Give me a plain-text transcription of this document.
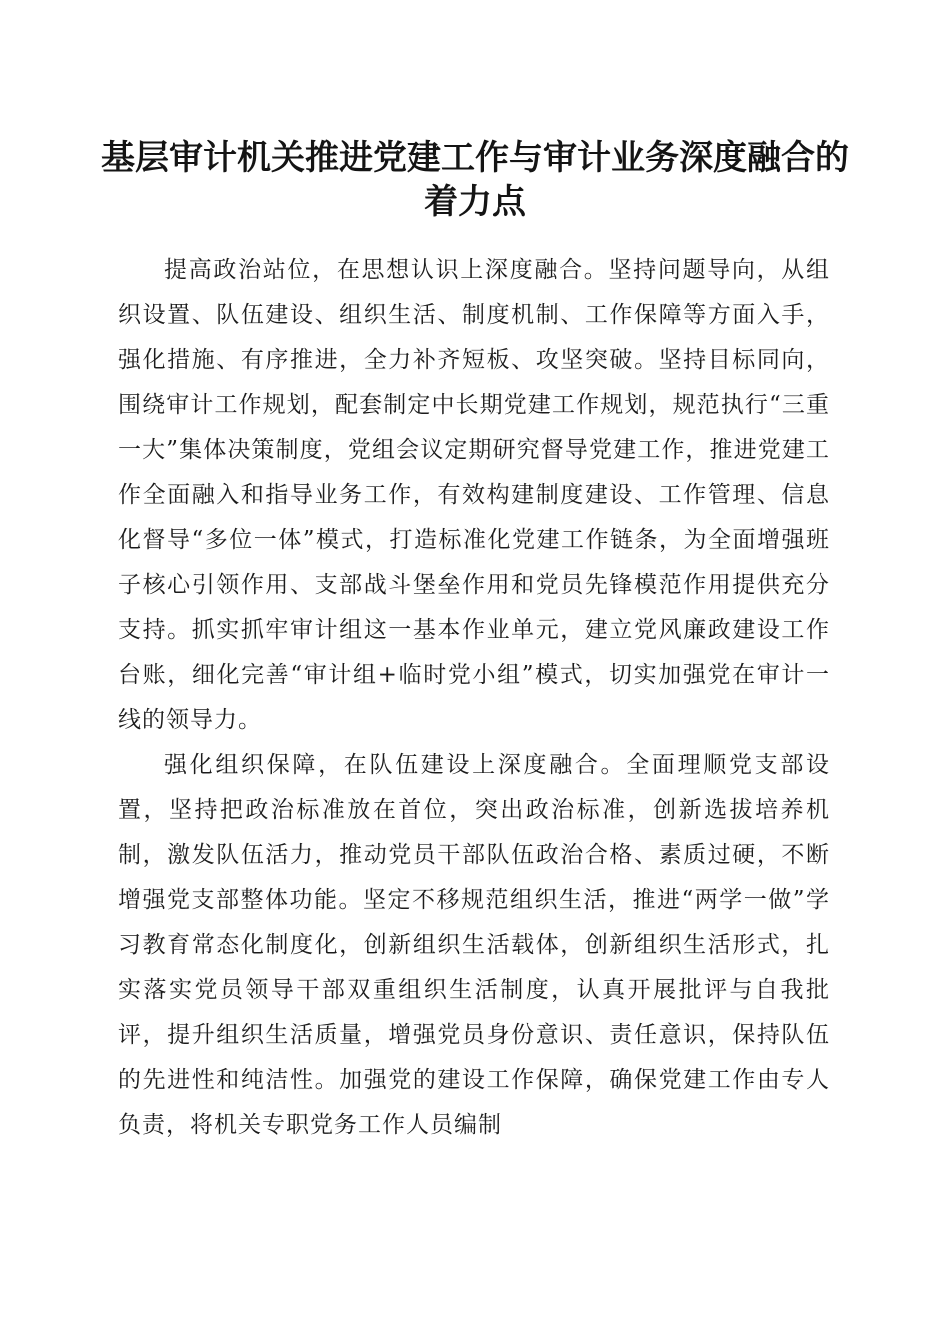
基层审计机关推进党建工作与审计业务深度融合的着力点

提高政治站位，在思想认识上深度融合。坚持问题导向，从组织设置、队伍建设、组织生活、制度机制、工作保障等方面入手，强化措施、有序推进，全力补齐短板、攻坚突破。坚持目标同向，围绕审计工作规划，配套制定中长期党建工作规划，规范执行“三重一大”集体决策制度，党组会议定期研究督导党建工作，推进党建工作全面融入和指导业务工作，有效构建制度建设、工作管理、信息化督导“多位一体”模式，打造标准化党建工作链条，为全面增强班子核心引领作用、支部战斗堡垒作用和党员先锋模范作用提供充分支持。抓实抓牢审计组这一基本作业单元，建立党风廉政建设工作台账，细化完善“审计组+临时党小组”模式，切实加强党在审计一线的领导力。

强化组织保障，在队伍建设上深度融合。全面理顺党支部设置，坚持把政治标准放在首位，突出政治标准，创新选拔培养机制，激发队伍活力，推动党员干部队伍政治合格、素质过硬，不断增强党支部整体功能。坚定不移规范组织生活，推进“两学一做”学习教育常态化制度化，创新组织生活载体，创新组织生活形式，扎实落实党员领导干部双重组织生活制度，认真开展批评与自我批评，提升组织生活质量，增强党员身份意识、责任意识，保持队伍的先进性和纯洁性。加强党的建设工作保障，确保党建工作由专人负责，将机关专职党务工作人员编制
